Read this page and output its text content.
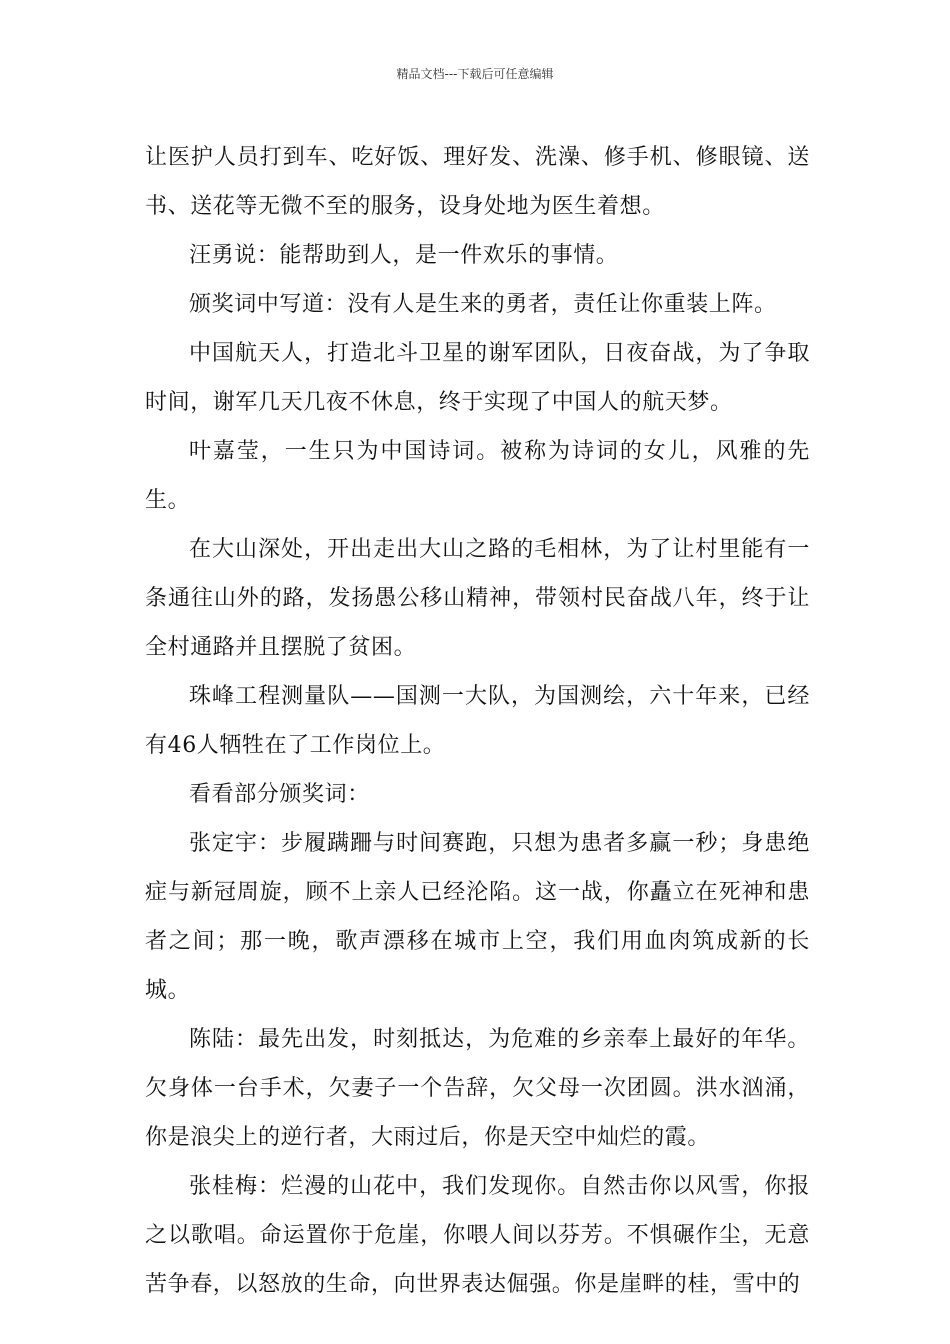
精品文档---下载后可任意编辑

让医护人员打到车、吃好饭、理好发、洗澡、修手机、修眼镜、送书、送花等无微不至的服务，设身处地为医生着想。

汪勇说：能帮助到人，是一件欢乐的事情。

颁奖词中写道：没有人是生来的勇者，责任让你重装上阵。

中国航天人，打造北斗卫星的谢军团队，日夜奋战，为了争取时间，谢军几天几夜不休息，终于实现了中国人的航天梦。

叶嘉莹，一生只为中国诗词。被称为诗词的女儿，风雅的先生。

在大山深处，开出走出大山之路的毛相林，为了让村里能有一条通往山外的路，发扬愚公移山精神，带领村民奋战八年，终于让全村通路并且摆脱了贫困。

珠峰工程测量队——国测一大队，为国测绘，六十年来，已经有46人牺牲在了工作岗位上。

看看部分颁奖词：

张定宇：步履蹒跚与时间赛跑，只想为患者多赢一秒；身患绝症与新冠周旋，顾不上亲人已经沦陷。这一战，你矗立在死神和患者之间；那一晚，歌声漂移在城市上空，我们用血肉筑成新的长城。

陈陆：最先出发，时刻抵达，为危难的乡亲奉上最好的年华。欠身体一台手术，欠妻子一个告辞，欠父母一次团圆。洪水汹涌，你是浪尖上的逆行者，大雨过后，你是天空中灿烂的霞。

张桂梅：烂漫的山花中，我们发现你。自然击你以风雪，你报之以歌唱。命运置你于危崖，你喂人间以芬芳。不惧碾作尘，无意苦争春，以怒放的生命，向世界表达倔强。你是崖畔的桂，雪中的
